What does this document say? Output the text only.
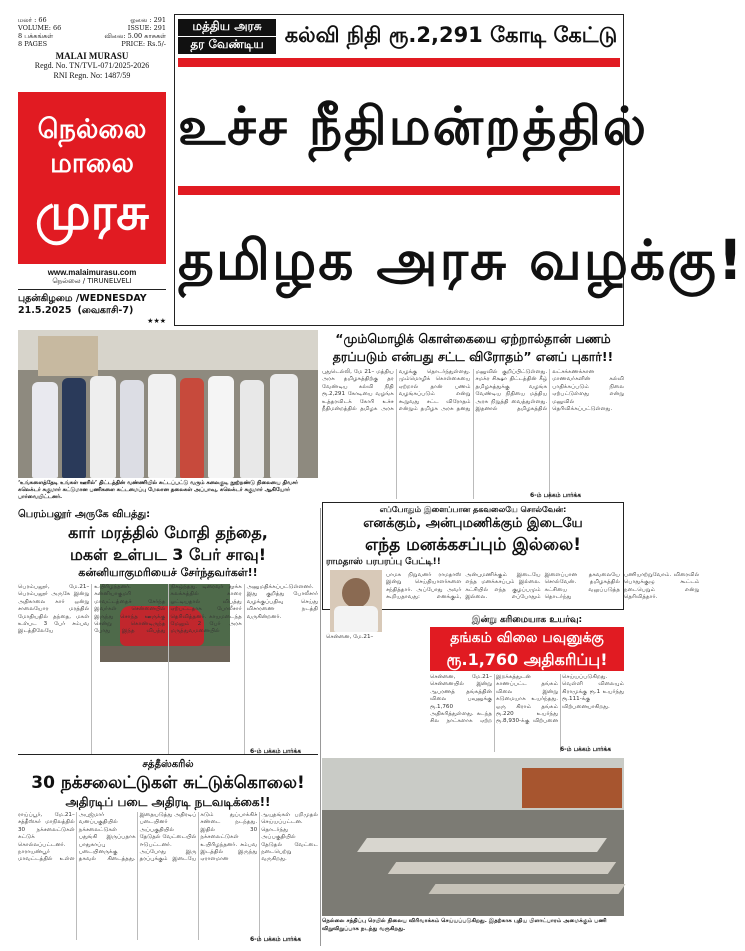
மலர் : 66	ஓலை : 291
VOLUME: 66	ISSUE: 291
8 பக்கங்கள்	விலை: 5.00 காசுகள்
8 PAGES	PRICE: Rs.5/-
MALAI MURASU
Regd. No. TN/TVL-071/2025-2026
RNI Regn. No: 1487/59
நெல்லை
மாலை
முரசு
www.malaimurasu.com
நெல்லை / TIRUNELVELI
புதன்கிழமை /WEDNESDAY
21.5.2025 (வைகாசி-7)
★★★
மத்திய அரசு
தர வேண்டிய	கல்வி நிதி ரூ.2,291 கோடி கேட்டு
உச்ச நீதிமன்றத்தில்
தமிழக அரசு வழக்கு!
‘உங்களைத்தேடி உங்கள் ஊரில்’ திட்டத்தின் வண்ணியில் சுட்டப்பட்டு வரும் கலைகுடி நூற்றண்டு நிலையை திவசர் கலெக்டர் சுகுமார் கட்டுமான பணிகளை கட்டமைப்பு மேலான தலைகள் அப்பாவு, கலெக்டர் சுகுமார் ஆகியோர் பார்வையிட்டனர்.
“மும்மொழிக் கொள்கையை ஏற்றால்தான் பணம்
தரப்படும் என்பது சட்ட விரோதம்” எனப் புகார்!!
புதுடெல்லி, மே 21– மத்திய அரசு தமிழகத்திற்கு தர வேண்டிய கல்வி நிதி ரூ.2,291 கோடியை வழங்க உத்தரவிடக் கோரி உச்ச நீதிமன்றத்தில் தமிழக அரசு வழக்கு தொடர்ந்துள்ளது. மும்மொழிக் கொள்கையை ஏற்றால் தான் பணம் வழங்கப்படும் என்று கூறுவது சட்ட விரோதம் என்றும் தமிழக அரசு தனது மனுவில் குறிப்பிட்டுள்ளது. சமக்ர சிக்ஷா திட்டத்தின் கீழ் தமிழகத்துக்கு வழங்க வேண்டிய நிதியை மத்திய அரசு நிறுத்தி வைத்துள்ளது. இதனால் தமிழகத்தில் லட்சக்கணக்கான மாணவர்களின் கல்வி பாதிக்கப்படும் நிலை ஏற்பட்டுள்ளது என்று மனுவில் தெரிவிக்கப்பட்டுள்ளது.
6-ம் பக்கம் பார்க்க
எப்போதும் இளைப்பான தகவலையே சொல்வேன்:
எனக்கும், அன்புமணிக்கும் இடையே
எந்த மனக்கசப்பும் இல்லை!
ராமதாஸ் பரபரப்பு பேட்டி!!
பாமக நிறுவனர் ராமதாஸ் இன்று செய்தியாளர்களை சந்தித்தார். அப்போது அவர் கூறியதாவது: எனக்கும், அன்புமணிக்கும் இடையே எந்த மனக்கசப்பும் இல்லை. கட்சியில் எந்த குழப்பமும் இல்லை. எப்போதும் இளைப்பான தகவலையே சொல்வேன். தமிழகத்தில் கட்சியை வலுப்படுத்த தொடர்ந்து பணியாற்றுவோம். விரைவில் பொதுக்குழு கூட்டம் நடைபெறும் என்று தெரிவித்தார்.
சென்னை, மே.21–
இன்று கரிமையாக உயர்வு:
தங்கம் விலை பவுனுக்கு
ரூ.1,760 அதிகரிப்பு!
சென்னை, மே.21– சென்னையில் இன்று ஆபரணத் தங்கத்தின் விலை பவுனுக்கு ரூ.1,760 அதிகரித்துள்ளது. கடந்த சில நாட்களாக ஏற்ற இறக்கத்துடன் காணப்பட்ட தங்கம் விலை இன்று கடுமையாக உயர்ந்தது. ஒரு கிராம் தங்கம் ரூ.220 உயர்ந்து ரூ.8,930-க்கு விற்பனை செய்யப்படுகிறது. வெள்ளி விலையும் கிராமுக்கு ரூ.1 உயர்ந்து ரூ.111-க்கு விற்பனையாகிறது.
6-ம் பக்கம் பார்க்க
பெரம்பலூர் அருகே விபத்து:
கார் மரத்தில் மோதி தந்தை,
மகள் உள்பட 3 பேர் சாவு!
கன்னியாகுமரியைச் சேர்ந்தவர்கள்!!
பெரம்பலூர், மே.21– பெரம்பலூர் அருகே இன்று அதிகாலை கார் ஒன்று சாலையோர மரத்தில் மோதியதில் தந்தை, மகள் உள்பட 3 பேர் சம்பவ இடத்திலேயே உயிரிழந்தனர். கன்னியாகுமரி மாவட்டத்தைச் சேர்ந்த இவர்கள் சென்னையில் இருந்து சொந்த ஊருக்கு சென்று கொண்டிருந்த போது இந்த விபத்து நிகழ்ந்தது. டிரைவர் தூக்க கலக்கத்தில் காரை ஓட்டியதால் விபத்து ஏற்பட்டதாக போலீசார் தெரிவித்தனர். காயமடைந்த மேலும் 2 பேர் அரசு மருத்துவமனையில் அனுமதிக்கப்பட்டுள்ளனர். இது குறித்து போலீசார் வழக்குப்பதிவு செய்து விசாரணை நடத்தி வருகின்றனர்.
6-ம் பக்கம் பார்க்க
சத்தீஸ்கரில்
30 நக்சலைட்டுகள் சுட்டுக்கொலை!
அதிரடிப் படை அதிரடி நடவடிக்கை!!
ராய்ப்பூர், மே.21– சத்தீஸ்கர் மாநிலத்தில் 30 நக்சலைட்டுகள் சுட்டுக் கொல்லப்பட்டனர். நாராயண்பூர் மாவட்டத்தில் உள்ள அபுஜ்மார் வனப்பகுதியில் நக்சலைட்டுகள் பதுங்கி இருப்பதாக பாதுகாப்பு படையினருக்கு தகவல் கிடைத்தது. இதையடுத்து அதிரடிப் படையினர் அப்பகுதியில் தேடுதல் வேட்டையில் ஈடுபட்டனர். அப்போது இரு தரப்புக்கும் இடையே கடும் துப்பாக்கிச் சண்டை நடந்தது. இதில் 30 நக்சலைட்டுகள் உயிரிழந்தனர். சம்பவ இடத்தில் இருந்து ஏராளமான ஆயுதங்கள் பறிமுதல் செய்யப்பட்டன. தொடர்ந்து அப்பகுதியில் தேடுதல் வேட்டை நடைபெற்று வருகிறது.
6-ம் பக்கம் பார்க்க
நெல்லை சந்திப்பு ரெயில் நிலைய விரிவாக்கம் செய்யப்படுகிறது. இதற்காக புதிய பிளாட்பாரம் அமைக்கும் பணி விறுவிறுப்பாக நடந்து வருகிறது.
